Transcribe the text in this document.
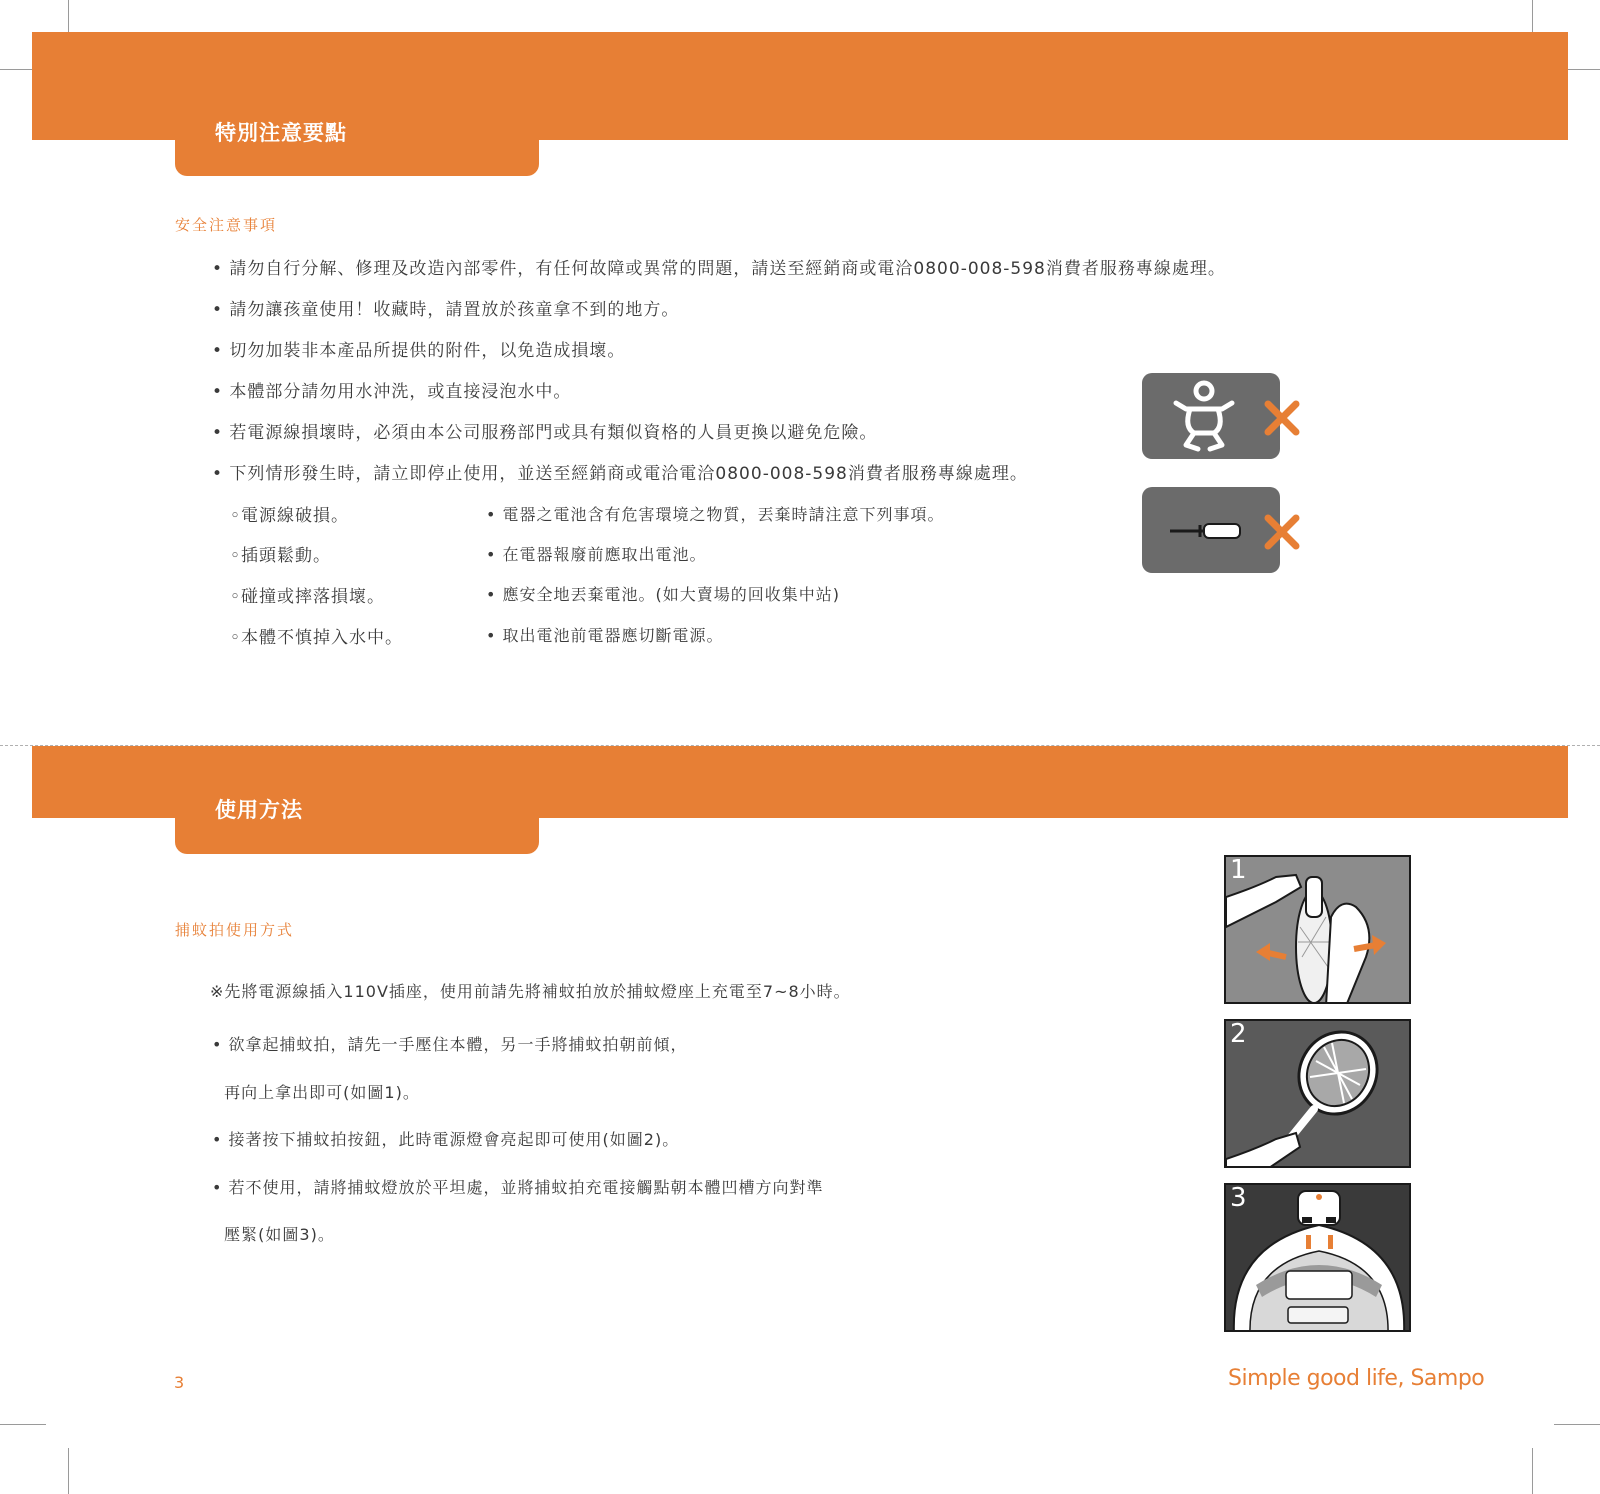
特別注意要點
安全注意事項
• 請勿自行分解、修理及改造內部零件，有任何故障或異常的問題，請送至經銷商或電洽0800-008-598消費者服務專線處理。
• 請勿讓孩童使用！收藏時，請置放於孩童拿不到的地方。
• 切勿加裝非本產品所提供的附件，以免造成損壞。
• 本體部分請勿用水沖洗，或直接浸泡水中。
• 若電源線損壞時，必須由本公司服務部門或具有類似資格的人員更換以避免危險。
• 下列情形發生時，請立即停止使用，並送至經銷商或電洽電洽0800-008-598消費者服務專線處理。
◦電源線破損。
◦插頭鬆動。
◦碰撞或摔落損壞。
◦本體不慎掉入水中。
• 電器之電池含有危害環境之物質，丟棄時請注意下列事項。
• 在電器報廢前應取出電池。
• 應安全地丟棄電池。(如大賣場的回收集中站)
• 取出電池前電器應切斷電源。
使用方法
捕蚊拍使用方式
※先將電源線插入110V插座，使用前請先將補蚊拍放於捕蚊燈座上充電至7~8小時。
• 欲拿起捕蚊拍，請先一手壓住本體，另一手將捕蚊拍朝前傾，
再向上拿出即可(如圖1)。
• 接著按下捕蚊拍按鈕，此時電源燈會亮起即可使用(如圖2)。
• 若不使用，請將捕蚊燈放於平坦處，並將捕蚊拍充電接觸點朝本體凹槽方向對準
壓緊(如圖3)。
1
2
3
3	Simple good life, Sampo
